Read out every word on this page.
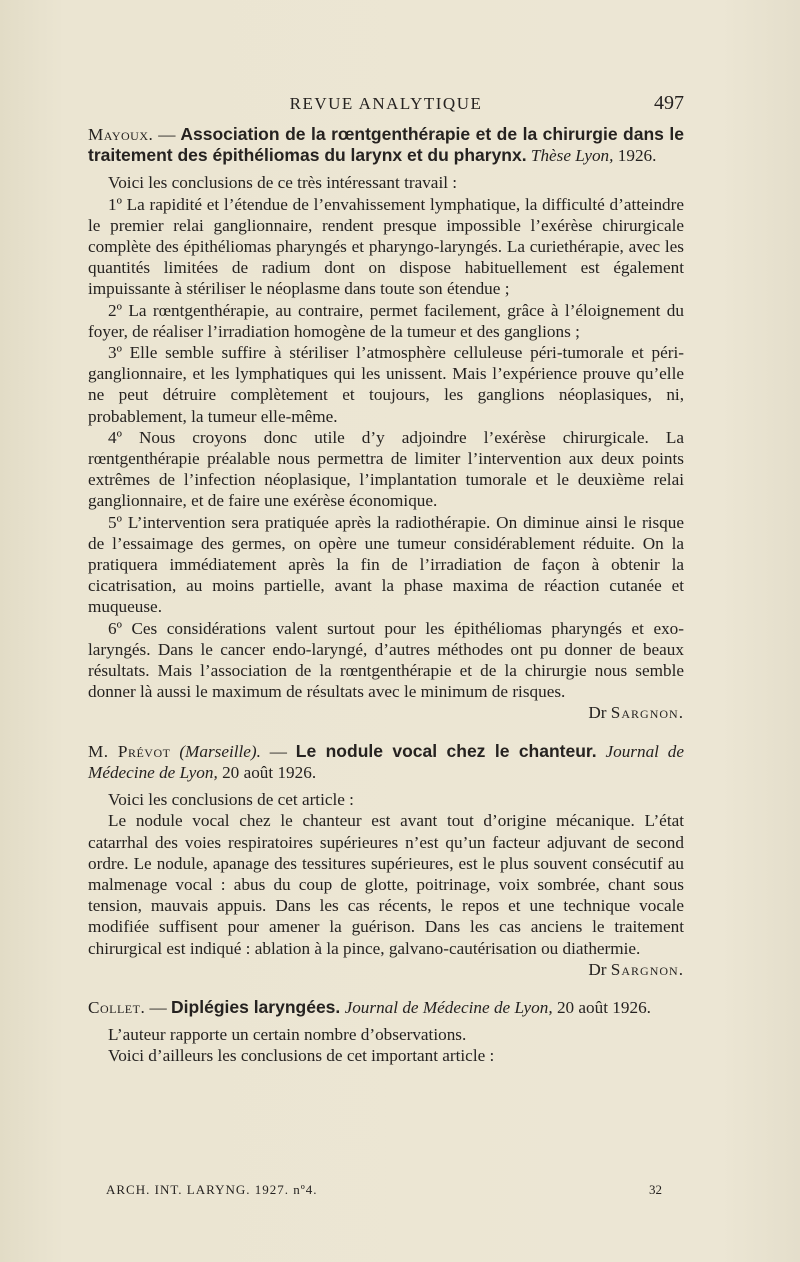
REVUE ANALYTIQUE	497

Mayoux. — Association de la rœntgenthérapie et de la chirurgie dans le traitement des épithéliomas du larynx et du pharynx. Thèse Lyon, 1926.

Voici les conclusions de ce très intéressant travail :

1º La rapidité et l’étendue de l’envahissement lymphatique, la difficulté d’atteindre le premier relai ganglionnaire, rendent presque impossible l’exérèse chirurgicale complète des épithéliomas pharyngés et pharyngo-laryngés. La curiethérapie, avec les quantités limitées de radium dont on dispose habituellement est également impuissante à stériliser le néoplasme dans toute son étendue ;

2º La rœntgenthérapie, au contraire, permet facilement, grâce à l’éloignement du foyer, de réaliser l’irradiation homogène de la tumeur et des ganglions ;

3º Elle semble suffire à stériliser l’atmosphère celluleuse péri-tumorale et péri-ganglionnaire, et les lymphatiques qui les unissent. Mais l’expérience prouve qu’elle ne peut détruire complètement et toujours, les ganglions néoplasiques, ni, probablement, la tumeur elle-même.

4º Nous croyons donc utile d’y adjoindre l’exérèse chirurgicale. La rœntgenthérapie préalable nous permettra de limiter l’intervention aux deux points extrêmes de l’infection néoplasique, l’implantation tumorale et le deuxième relai ganglionnaire, et de faire une exérèse économique.

5º L’intervention sera pratiquée après la radiothérapie. On diminue ainsi le risque de l’essaimage des germes, on opère une tumeur considérablement réduite. On la pratiquera immédiatement après la fin de l’irradiation de façon à obtenir la cicatrisation, au moins partielle, avant la phase maxima de réaction cutanée et muqueuse.

6º Ces considérations valent surtout pour les épithéliomas pharyngés et exo-laryngés. Dans le cancer endo-laryngé, d’autres méthodes ont pu donner de beaux résultats. Mais l’association de la rœntgenthérapie et de la chirurgie nous semble donner là aussi le maximum de résultats avec le minimum de risques.

Dr Sargnon.

M. Prévot (Marseille). — Le nodule vocal chez le chanteur. Journal de Médecine de Lyon, 20 août 1926.

Voici les conclusions de cet article :

Le nodule vocal chez le chanteur est avant tout d’origine mécanique. L’état catarrhal des voies respiratoires supérieures n’est qu’un facteur adjuvant de second ordre. Le nodule, apanage des tessitures supérieures, est le plus souvent consécutif au malmenage vocal : abus du coup de glotte, poitrinage, voix sombrée, chant sous tension, mauvais appuis. Dans les cas récents, le repos et une technique vocale modifiée suffisent pour amener la guérison. Dans les cas anciens le traitement chirurgical est indiqué : ablation à la pince, galvano-cautérisation ou diathermie.

Dr Sargnon.

Collet. — Diplégies laryngées. Journal de Médecine de Lyon, 20 août 1926.

L’auteur rapporte un certain nombre d’observations.

Voici d’ailleurs les conclusions de cet important article :

ARCH. INT. LARYNG. 1927. nº4.	32
